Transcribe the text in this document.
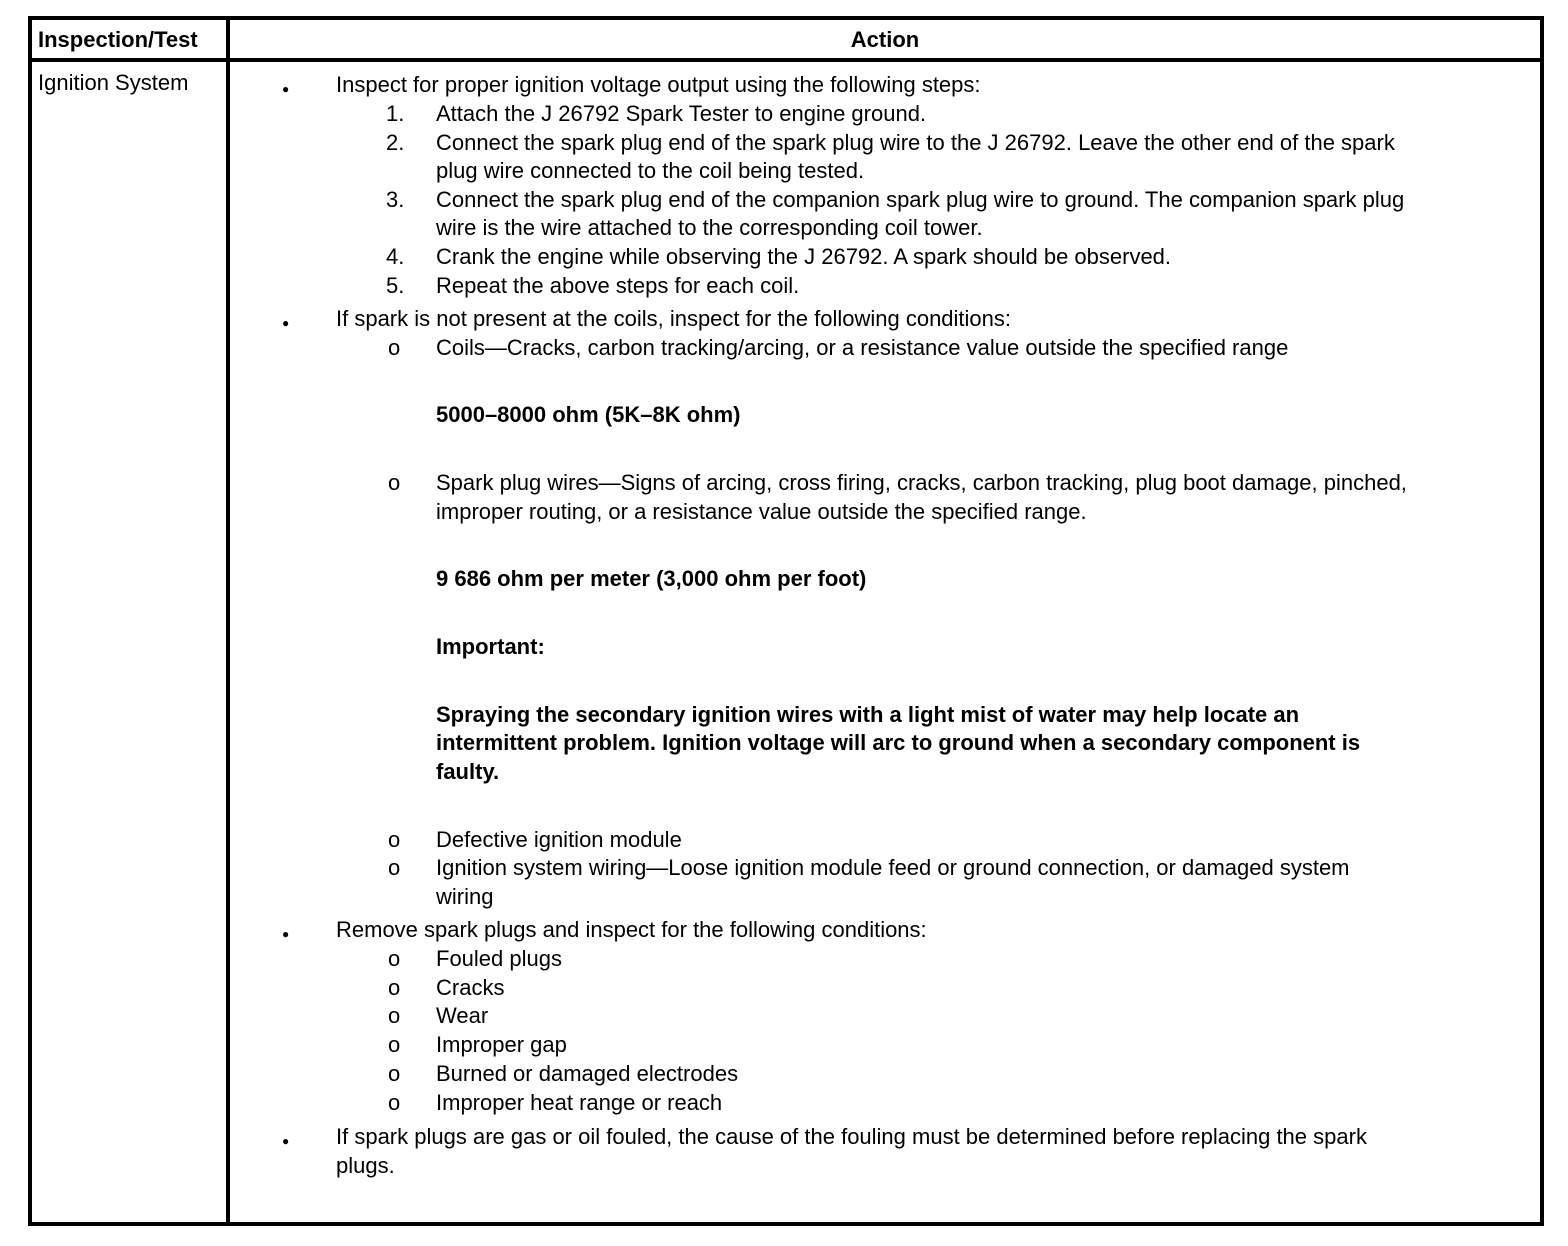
Inspection/Test	Action
Ignition System	● Inspect for proper ignition voltage output using the following steps:
1. Attach the J 26792 Spark Tester to engine ground.
2. Connect the spark plug end of the spark plug wire to the J 26792. Leave the other end of the spark
plug wire connected to the coil being tested.
3. Connect the spark plug end of the companion spark plug wire to ground. The companion spark plug
wire is the wire attached to the corresponding coil tower.
4. Crank the engine while observing the J 26792. A spark should be observed.
5. Repeat the above steps for each coil.
● If spark is not present at the coils, inspect for the following conditions:
o Coils—Cracks, carbon tracking/arcing, or a resistance value outside the specified range
5000–8000 ohm (5K–8K ohm)
o Spark plug wires—Signs of arcing, cross firing, cracks, carbon tracking, plug boot damage, pinched,
improper routing, or a resistance value outside the specified range.
9 686 ohm per meter (3,000 ohm per foot)
Important:
Spraying the secondary ignition wires with a light mist of water may help locate an
intermittent problem. Ignition voltage will arc to ground when a secondary component is
faulty.
o Defective ignition module
o Ignition system wiring—Loose ignition module feed or ground connection, or damaged system
wiring
● Remove spark plugs and inspect for the following conditions:
o Fouled plugs
o Cracks
o Wear
o Improper gap
o Burned or damaged electrodes
o Improper heat range or reach
● If spark plugs are gas or oil fouled, the cause of the fouling must be determined before replacing the spark
plugs.
